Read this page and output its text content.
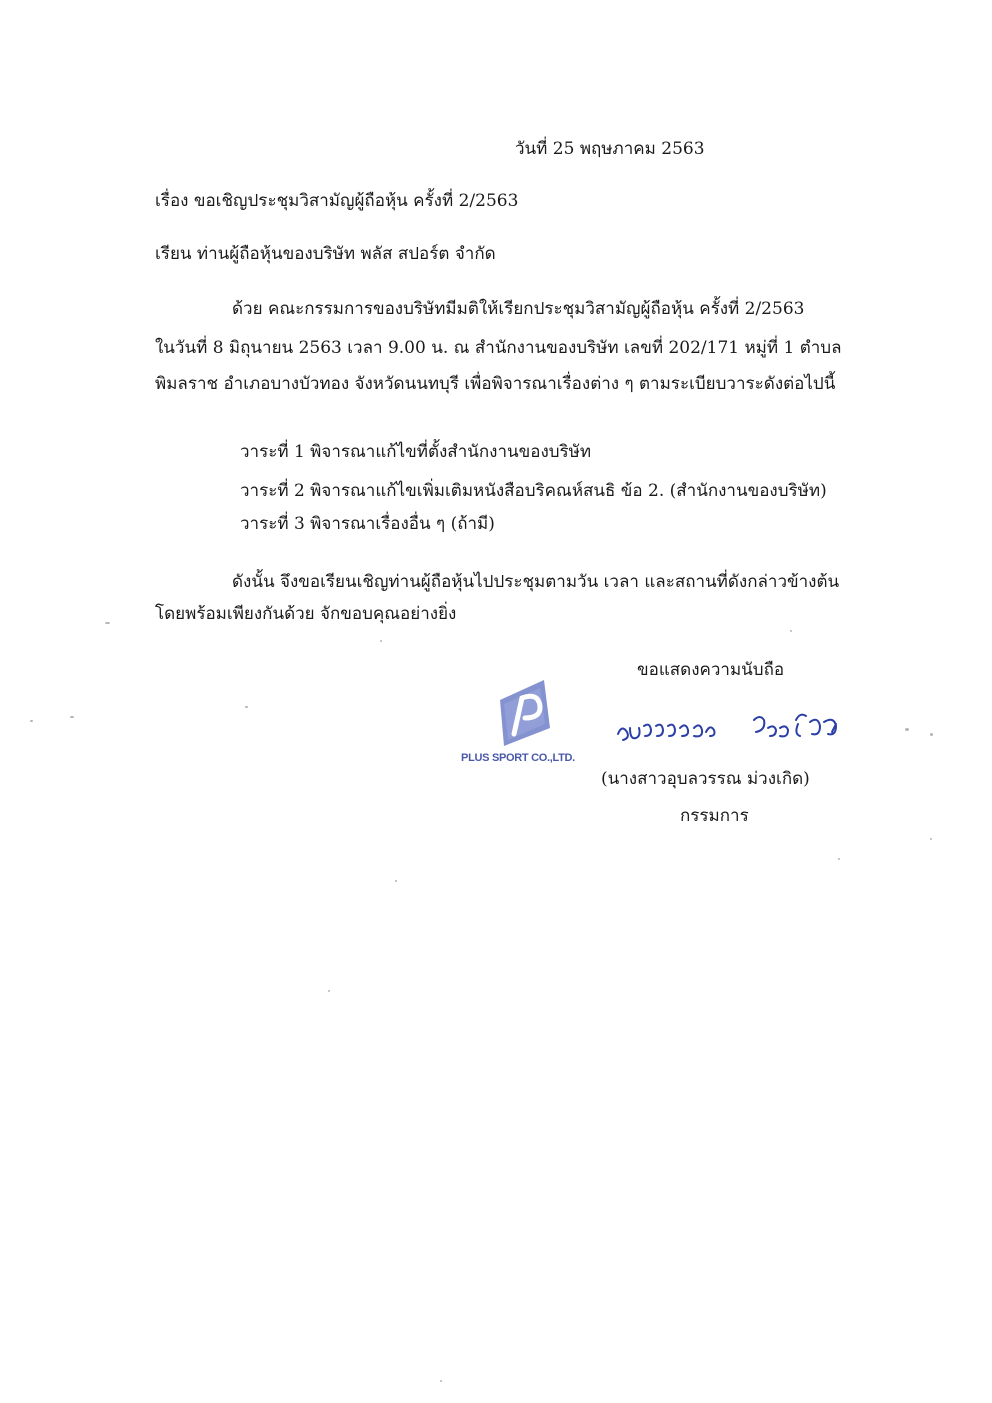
วันที่ 25 พฤษภาคม 2563
เรื่อง ขอเชิญประชุมวิสามัญผู้ถือหุ้น ครั้งที่ 2/2563
เรียน ท่านผู้ถือหุ้นของบริษัท พลัส สปอร์ต จำกัด
ด้วย คณะกรรมการของบริษัทมีมติให้เรียกประชุมวิสามัญผู้ถือหุ้น ครั้งที่ 2/2563
ในวันที่ 8 มิถุนายน 2563 เวลา 9.00 น. ณ สำนักงานของบริษัท เลขที่ 202/171 หมู่ที่ 1 ตำบล
พิมลราช อำเภอบางบัวทอง จังหวัดนนทบุรี เพื่อพิจารณาเรื่องต่าง ๆ ตามระเบียบวาระดังต่อไปนี้
วาระที่ 1 พิจารณาแก้ไขที่ตั้งสำนักงานของบริษัท
วาระที่ 2 พิจารณาแก้ไขเพิ่มเติมหนังสือบริคณห์สนธิ ข้อ 2. (สำนักงานของบริษัท)
วาระที่ 3 พิจารณาเรื่องอื่น ๆ (ถ้ามี)
ดังนั้น จึงขอเรียนเชิญท่านผู้ถือหุ้นไปประชุมตามวัน เวลา และสถานที่ดังกล่าวข้างต้น
โดยพร้อมเพียงกันด้วย จักขอบคุณอย่างยิ่ง
ขอแสดงความนับถือ
PLUS SPORT CO.,LTD.
(นางสาวอุบลวรรณ ม่วงเกิด)
กรรมการ
